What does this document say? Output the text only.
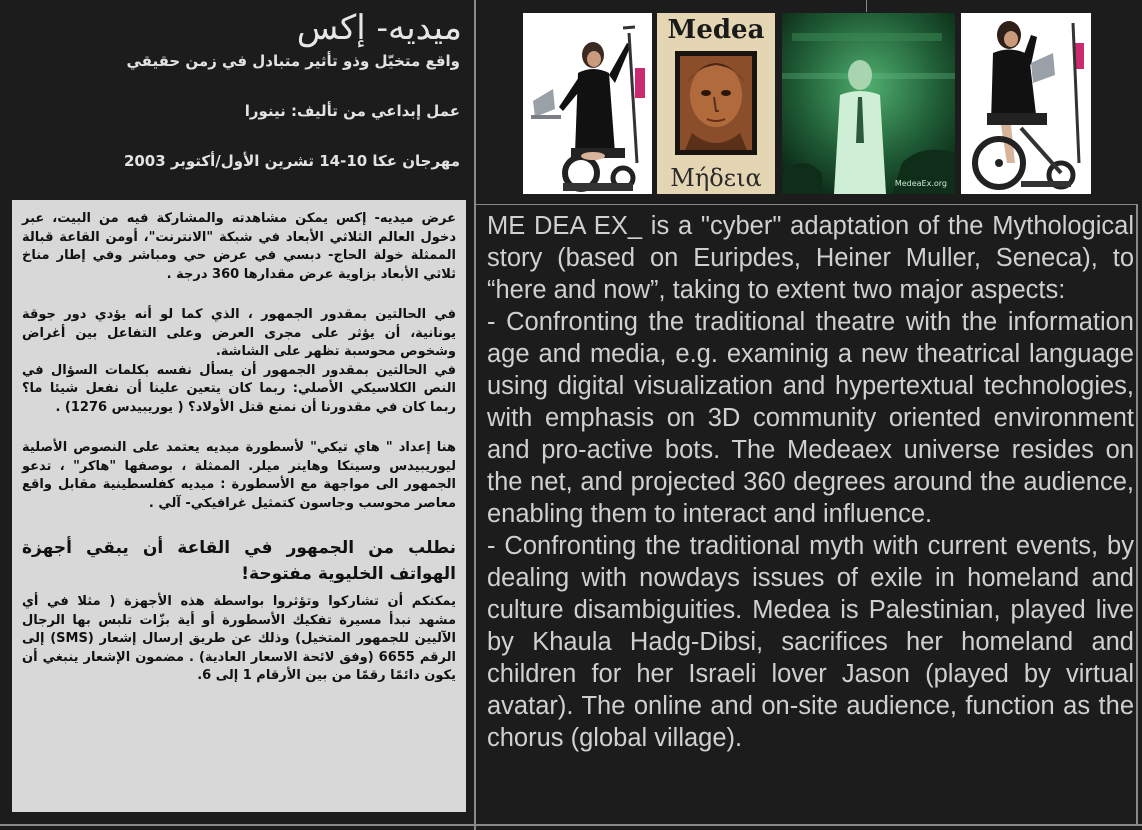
ميديه- إكس
واقع متخيّل وذو تأثير متبادل في زمن حقيقي
عمل إبداعي من تأليف: نينورا
مهرجان عكا 10-14 تشرين الأول/أكتوبر 2003

عرض ميديه- إكس يمكن مشاهدته والمشاركة فيه من البيت، عبر دخول العالم الثلاثي الأبعاد في شبكة "الانترنت"، أومن القاعة قبالة الممثلة خولة الحاج- دبسي في عرض حي ومباشر وفي إطار مناخ ثلاثي الأبعاد بزاوية عرض مقدارها 360 درجة .

في الحالتين بمقدور الجمهور ، الذي كما لو أنه يؤدي دور جوقة يونانية، أن يؤثر على مجرى العرض وعلى التفاعل بين أغراض وشخوص محوسبة تظهر على الشاشة.

في الحالتين بمقدور الجمهور أن يسأل نفسه بكلمات السؤال في النص الكلاسيكي الأصلي: ربما كان يتعين علينا أن نفعل شيئا ما؟ ربما كان في مقدورنا أن نمنع قتل الأولاد؟ ( يوريبيدس 1276) .

هنا إعداد " هاي تيكي" لأسطورة ميديه يعتمد على النصوص الأصلية ليوريبيدس وسينكا وهاينر ميلر. الممثلة ، بوصفها "هاكر" ، تدعو الجمهور الى مواجهة مع الأسطورة : ميديه كفلسطينية مقابل واقع معاصر محوسب وجاسون كتمثيل غرافيكي- آلي .

نطلب من الجمهور في القاعة أن يبقي أجهزة الهواتف الخليوية مفتوحة!

يمكنكم أن تشاركوا وتؤثروا بواسطة هذه الأجهزة ( مثلا في أي مشهد نبدأ مسيرة تفكيك الأسطورة أو أية بزّات تلبس بها الرجال الآليين للجمهور المتخيل) وذلك عن طريق إرسال إشعار (SMS) إلى الرقم 6655 (وفق لائحة الاسعار العادية) . مضمون الإشعار ينبغي أن يكون دائمًا رقمًا من بين الأرقام 1 إلى 6.

Medea
Μήδεια	MedeaEx.org

ME DEA EX_ is a "cyber" adaptation of the Mythological story (based on Euripdes, Heiner Muller, Seneca), to “here and now”, taking to extent two major aspects:

- Confronting the traditional theatre with the information age and media, e.g. examinig a new theatrical language using digital visualization and hypertextual technologies, with emphasis on 3D community oriented environment and pro-active bots. The Medeaex universe resides on the net, and projected 360 degrees around the audience, enabling them to interact and influence.

- Confronting the traditional myth with current events, by dealing with nowdays issues of exile in homeland and culture disambiguities. Medea is Palestinian, played live by Khaula Hadg-Dibsi, sacrifices her homeland and children for her Israeli lover Jason (played by virtual avatar). The online and on-site audience, function as the chorus (global village).
